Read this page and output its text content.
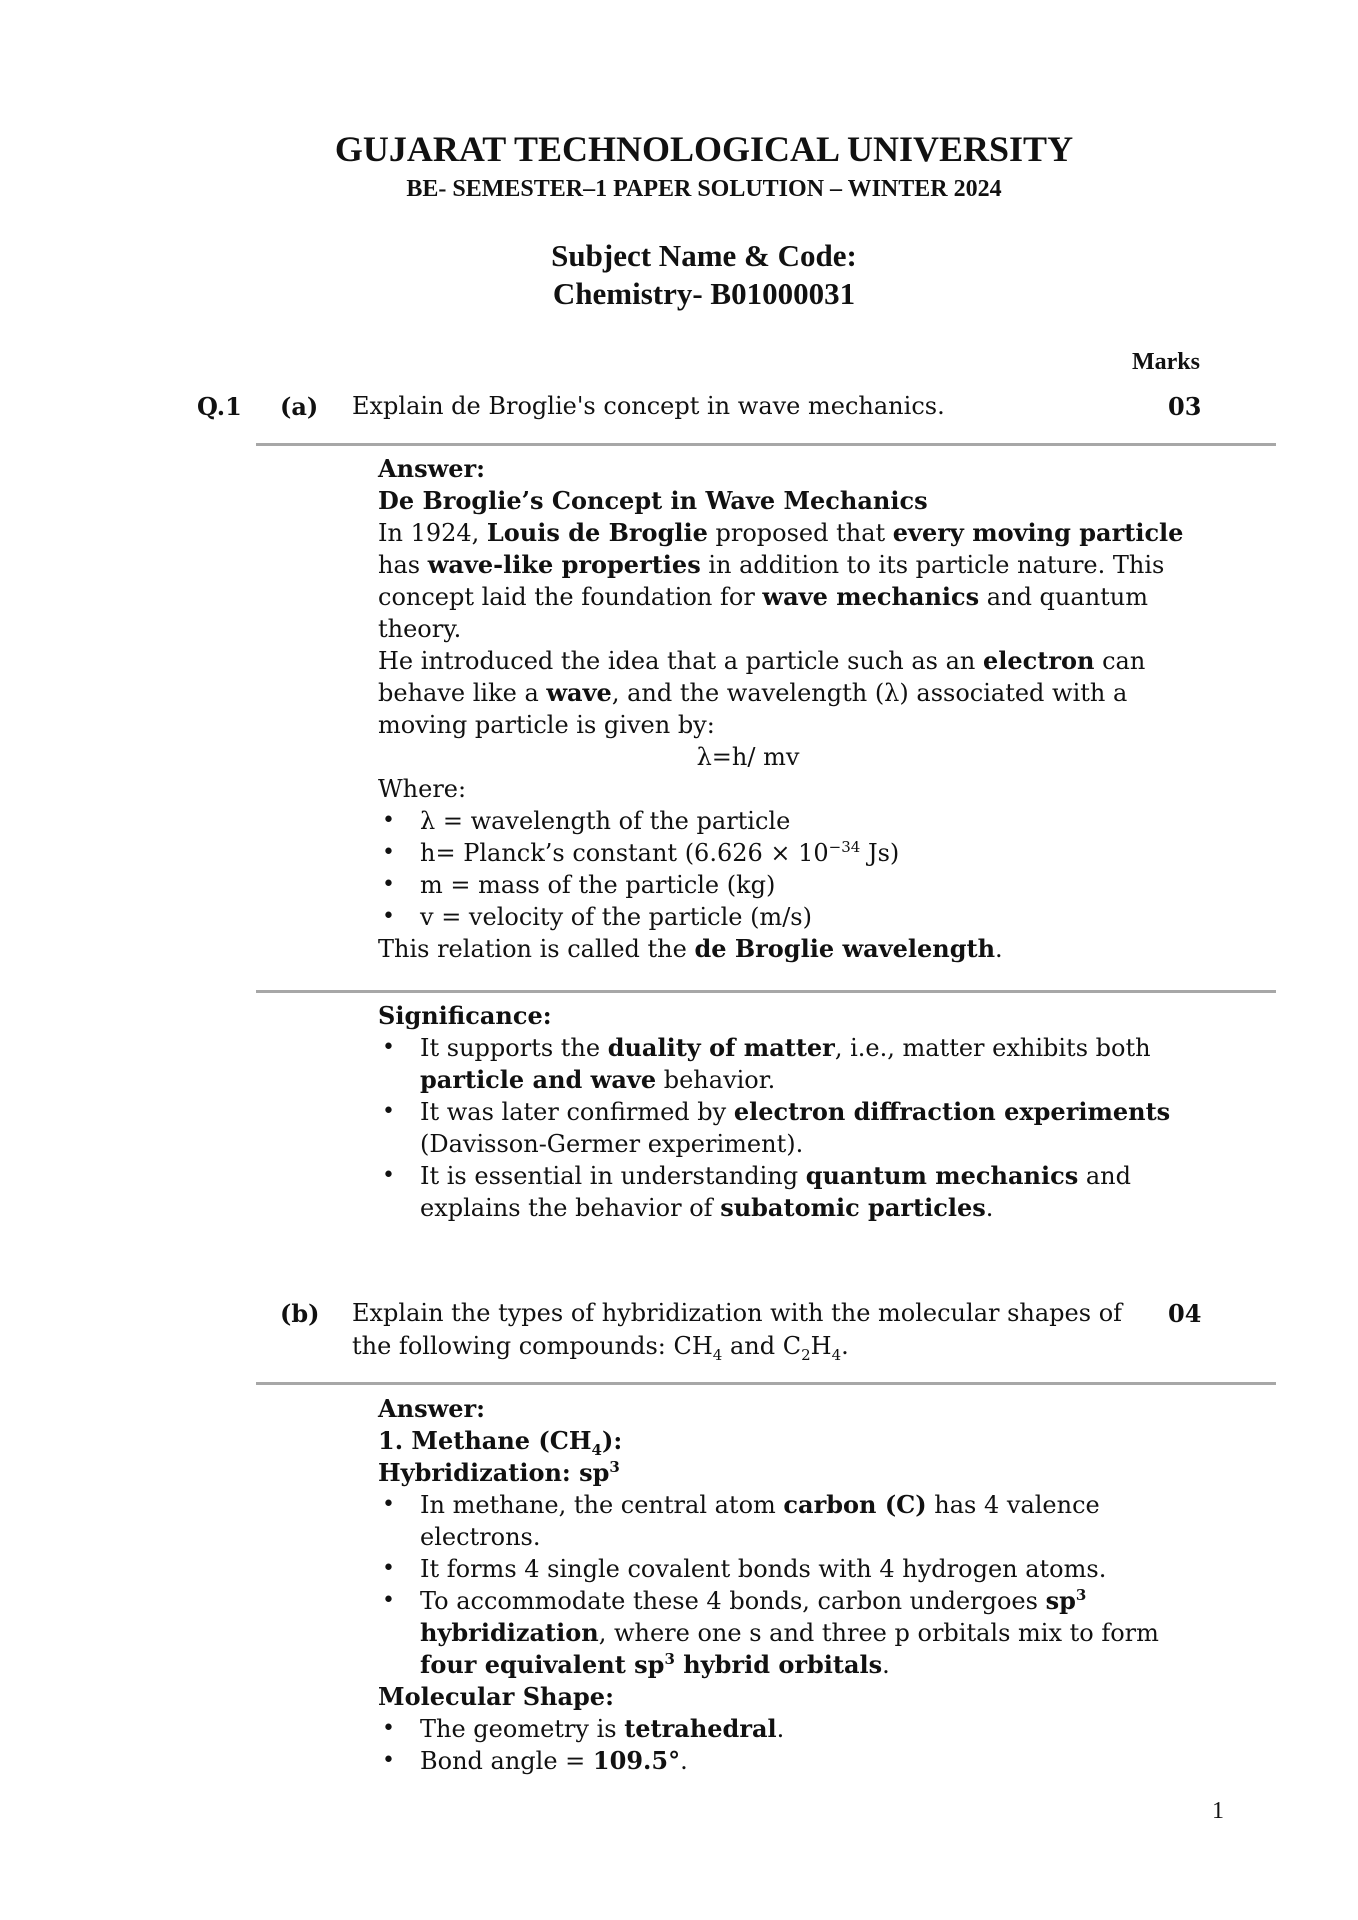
GUJARAT TECHNOLOGICAL UNIVERSITY
BE- SEMESTER–1 PAPER SOLUTION – WINTER 2024
Subject Name & Code:
Chemistry- B01000031
Marks
Q.1 (a) Explain de Broglie's concept in wave mechanics.	03

Answer:

De Broglie’s Concept in Wave Mechanics

In 1924, Louis de Broglie proposed that every moving particle has wave-like properties in addition to its particle nature. This concept laid the foundation for wave mechanics and quantum theory.

He introduced the idea that a particle such as an electron can behave like a wave, and the wavelength (λ) associated with a moving particle is given by:

λ=h/ mv

Where:

• λ = wavelength of the particle
• h= Planck’s constant ($6.626 \times 10^{-34}$ Js)
• m = mass of the particle (kg)
• v = velocity of the particle (m/s)

This relation is called the de Broglie wavelength.

Significance:

• It supports the duality of matter, i.e., matter exhibits both particle and wave behavior.
• It was later confirmed by electron diffraction experiments (Davisson-Germer experiment).
• It is essential in understanding quantum mechanics and explains the behavior of subatomic particles.
(b) Explain the types of hybridization with the molecular shapes of the following compounds: $CH_4$ and $C_2H_4$.
04

Answer:

1. Methane $(CH_4)$:

Hybridization: $sp^3$

• In methane, the central atom carbon (C) has 4 valence electrons.
• It forms 4 single covalent bonds with 4 hydrogen atoms.
• To accommodate these 4 bonds, carbon undergoes $sp^3$ hybridization, where one s and three p orbitals mix to form four equivalent $sp^3$ hybrid orbitals.

Molecular Shape:

• The geometry is tetrahedral.
• Bond angle = 109.5°.
1
